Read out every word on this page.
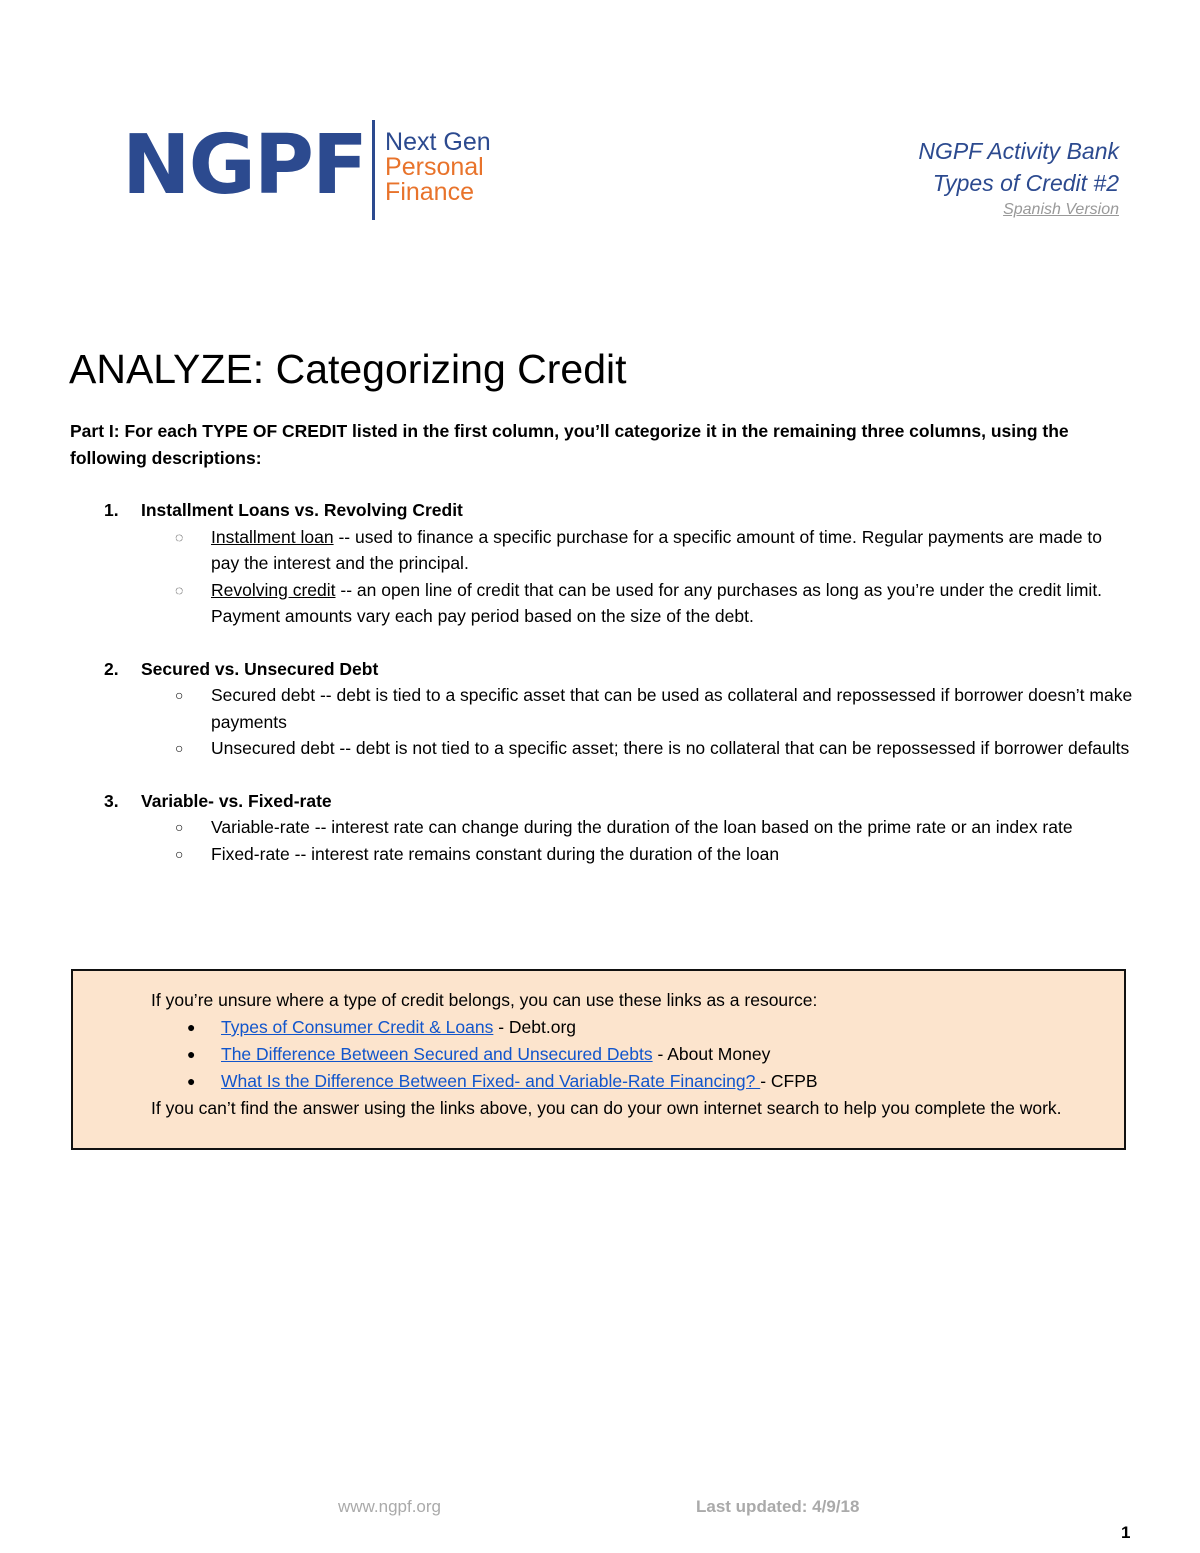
NGPF Next Gen
Personal
Finance
NGPF Activity Bank
Types of Credit #2
Spanish Version
ANALYZE: Categorizing Credit
Part I: For each TYPE OF CREDIT listed in the first column, you’ll categorize it in the remaining three columns, using the following descriptions:
1. Installment Loans vs. Revolving Credit
◌ Installment loan -- used to finance a specific purchase for a specific amount of time. Regular payments are made to pay the interest and the principal.
◌ Revolving credit -- an open line of credit that can be used for any purchases as long as you’re under the credit limit. Payment amounts vary each pay period based on the size of the debt.
2. Secured vs. Unsecured Debt
○ Secured debt -- debt is tied to a specific asset that can be used as collateral and repossessed if borrower doesn’t make payments
○ Unsecured debt -- debt is not tied to a specific asset; there is no collateral that can be repossessed if borrower defaults
3. Variable- vs. Fixed-rate
○ Variable-rate -- interest rate can change during the duration of the loan based on the prime rate or an index rate
○ Fixed-rate -- interest rate remains constant during the duration of the loan
If you’re unsure where a type of credit belongs, you can use these links as a resource:
● Types of Consumer Credit & Loans - Debt.org
● The Difference Between Secured and Unsecured Debts - About Money
● What Is the Difference Between Fixed- and Variable-Rate Financing? - CFPB
If you can’t find the answer using the links above, you can do your own internet search to help you complete the work.
www.ngpf.org	Last updated: 4/9/18
1
